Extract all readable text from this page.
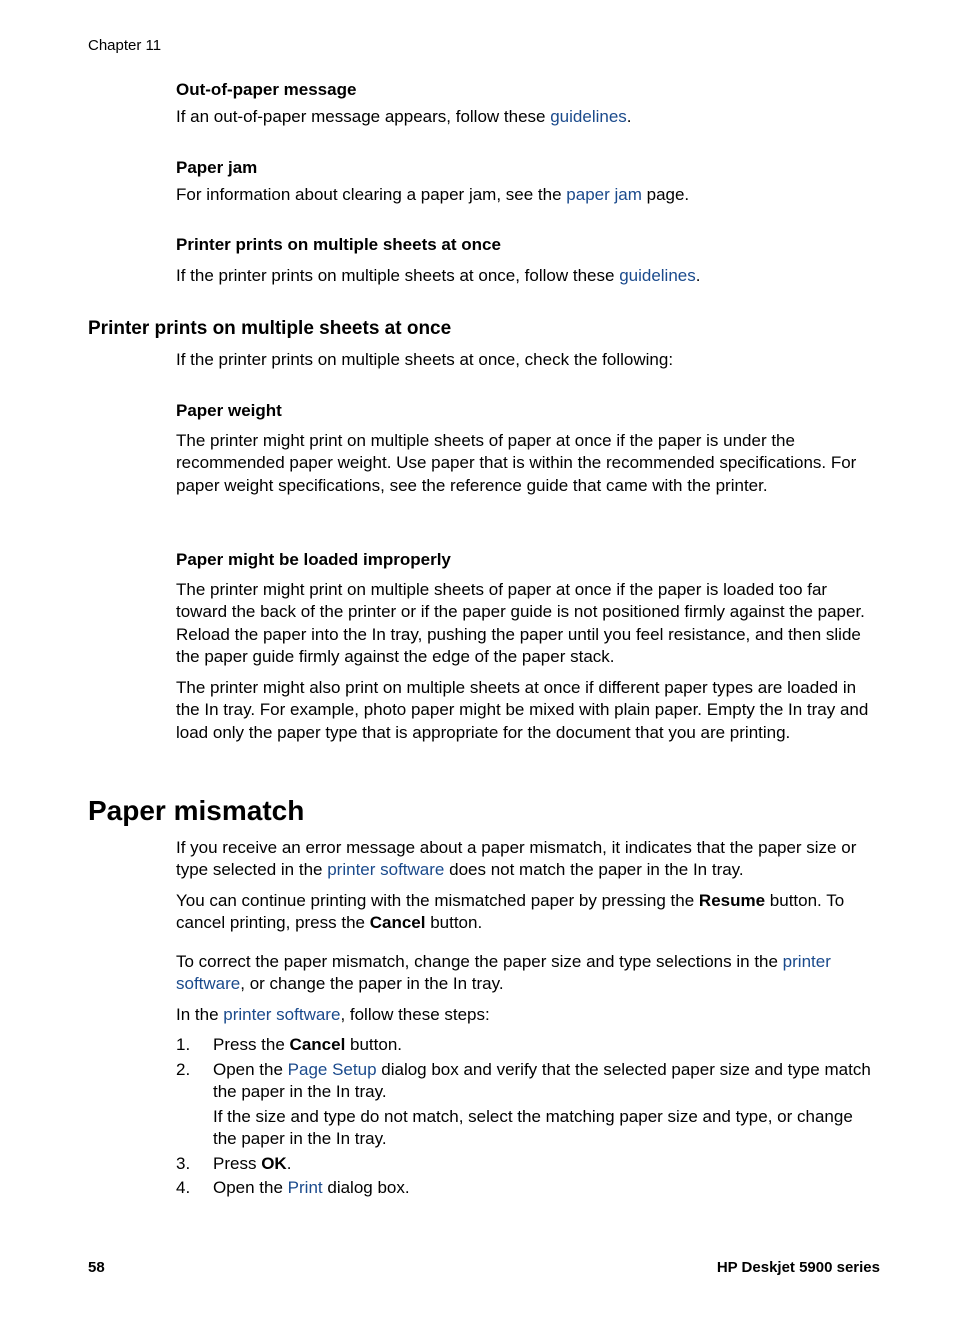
Chapter 11
Out-of-paper message
If an out-of-paper message appears, follow these guidelines.
Paper jam
For information about clearing a paper jam, see the paper jam page.
Printer prints on multiple sheets at once
If the printer prints on multiple sheets at once, follow these guidelines.
Printer prints on multiple sheets at once
If the printer prints on multiple sheets at once, check the following:
Paper weight
The printer might print on multiple sheets of paper at once if the paper is under the recommended paper weight. Use paper that is within the recommended specifications. For paper weight specifications, see the reference guide that came with the printer.
Paper might be loaded improperly
The printer might print on multiple sheets of paper at once if the paper is loaded too far toward the back of the printer or if the paper guide is not positioned firmly against the paper. Reload the paper into the In tray, pushing the paper until you feel resistance, and then slide the paper guide firmly against the edge of the paper stack.
The printer might also print on multiple sheets at once if different paper types are loaded in the In tray. For example, photo paper might be mixed with plain paper. Empty the In tray and load only the paper type that is appropriate for the document that you are printing.
Paper mismatch
If you receive an error message about a paper mismatch, it indicates that the paper size or type selected in the printer software does not match the paper in the In tray.
You can continue printing with the mismatched paper by pressing the Resume button. To cancel printing, press the Cancel button.
To correct the paper mismatch, change the paper size and type selections in the printer software, or change the paper in the In tray.
In the printer software, follow these steps:
1. Press the Cancel button.
2. Open the Page Setup dialog box and verify that the selected paper size and type match the paper in the In tray.
If the size and type do not match, select the matching paper size and type, or change the paper in the In tray.
3. Press OK.
4. Open the Print dialog box.
58	HP Deskjet 5900 series
